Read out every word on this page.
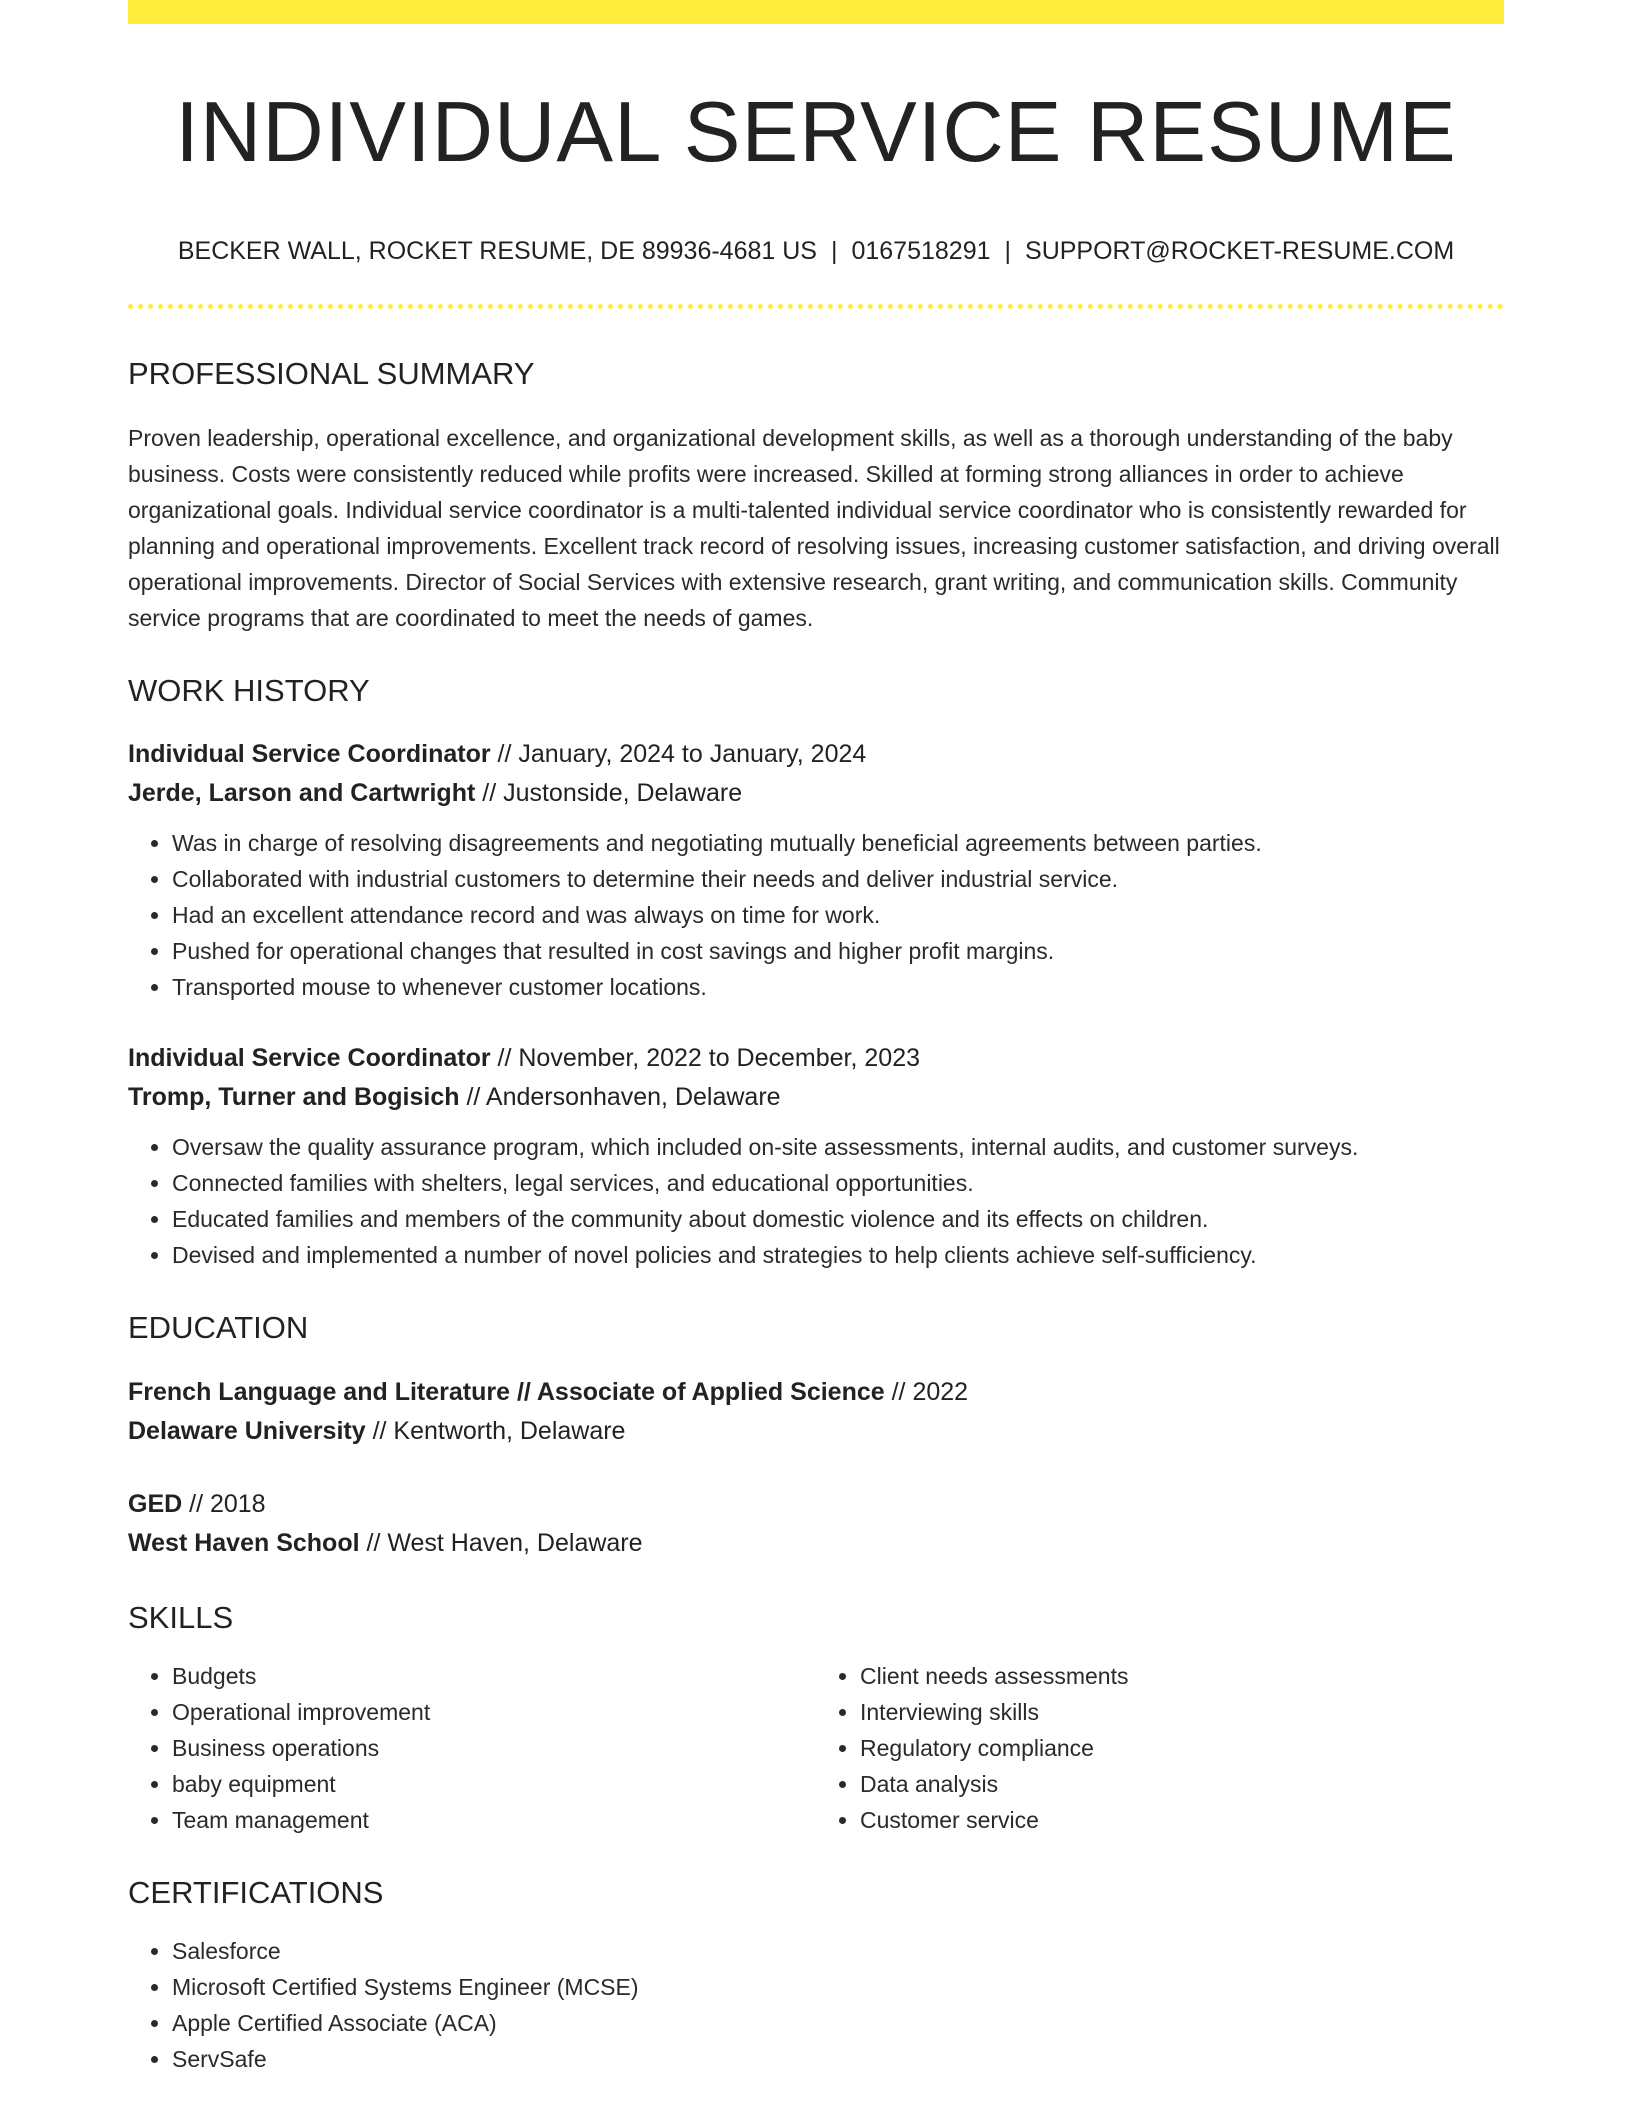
INDIVIDUAL SERVICE RESUME
BECKER WALL, ROCKET RESUME, DE 89936-4681 US | 0167518291 | SUPPORT@ROCKET-RESUME.COM
PROFESSIONAL SUMMARY
Proven leadership, operational excellence, and organizational development skills, as well as a thorough understanding of the baby business. Costs were consistently reduced while profits were increased. Skilled at forming strong alliances in order to achieve organizational goals. Individual service coordinator is a multi-talented individual service coordinator who is consistently rewarded for planning and operational improvements. Excellent track record of resolving issues, increasing customer satisfaction, and driving overall operational improvements. Director of Social Services with extensive research, grant writing, and communication skills. Community service programs that are coordinated to meet the needs of games.
WORK HISTORY
Individual Service Coordinator // January, 2024 to January, 2024
Jerde, Larson and Cartwright // Justonside, Delaware
• Was in charge of resolving disagreements and negotiating mutually beneficial agreements between parties.
• Collaborated with industrial customers to determine their needs and deliver industrial service.
• Had an excellent attendance record and was always on time for work.
• Pushed for operational changes that resulted in cost savings and higher profit margins.
• Transported mouse to whenever customer locations.
Individual Service Coordinator // November, 2022 to December, 2023
Tromp, Turner and Bogisich // Andersonhaven, Delaware
• Oversaw the quality assurance program, which included on-site assessments, internal audits, and customer surveys.
• Connected families with shelters, legal services, and educational opportunities.
• Educated families and members of the community about domestic violence and its effects on children.
• Devised and implemented a number of novel policies and strategies to help clients achieve self-sufficiency.
EDUCATION
French Language and Literature // Associate of Applied Science // 2022
Delaware University // Kentworth, Delaware
GED // 2018
West Haven School // West Haven, Delaware
SKILLS
• Budgets
• Operational improvement
• Business operations
• baby equipment
• Team management
• Client needs assessments
• Interviewing skills
• Regulatory compliance
• Data analysis
• Customer service
CERTIFICATIONS
• Salesforce
• Microsoft Certified Systems Engineer (MCSE)
• Apple Certified Associate (ACA)
• ServSafe
